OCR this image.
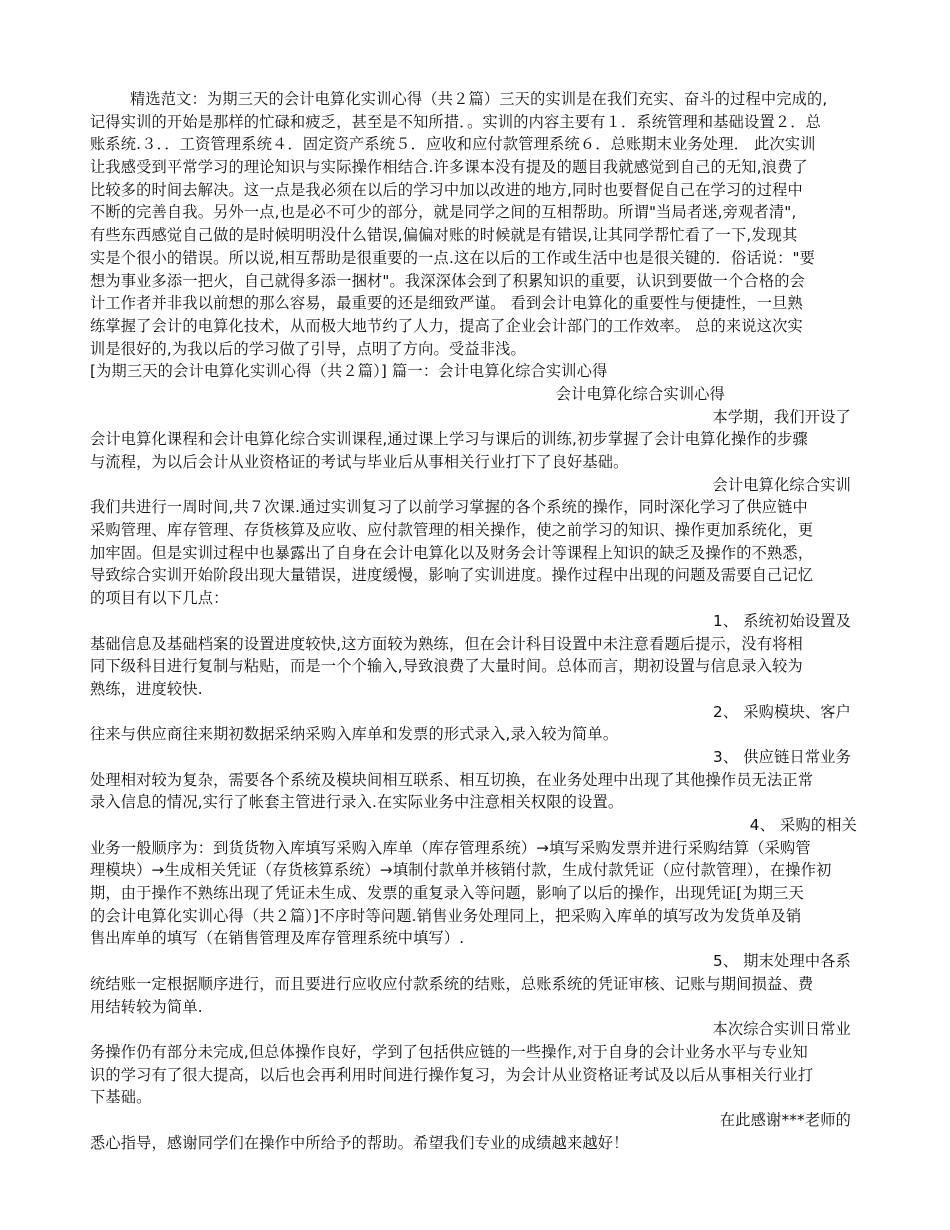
精选范文：为期三天的会计电算化实训心得（共２篇）三天的实训是在我们充实、奋斗的过程中完成的,
记得实训的开始是那样的忙碌和疲乏，甚至是不知所措．。实训的内容主要有１．系统管理和基础设置２．总
账系统.３．．工资管理系统４．固定资产系统５．应收和应付款管理系统６．总账期末业务处理． 此次实训
让我感受到平常学习的理论知识与实际操作相结合.许多课本没有提及的题目我就感觉到自己的无知,浪费了
比较多的时间去解决。这一点是我必须在以后的学习中加以改进的地方,同时也要督促自己在学习的过程中
不断的完善自我。另外一点,也是必不可少的部分，就是同学之间的互相帮助。所谓"当局者迷,旁观者清",
有些东西感觉自己做的是时候明明没什么错误,偏偏对账的时候就是有错误,让其同学帮忙看了一下,发现其
实是个很小的错误。所以说,相互帮助是很重要的一点.这在以后的工作或生活中也是很关键的．俗话说："要
想为事业多添一把火，自己就得多添一捆材"。我深深体会到了积累知识的重要，认识到要做一个合格的会
计工作者并非我以前想的那么容易，最重要的还是细致严谨。 看到会计电算化的重要性与便捷性，一旦熟
练掌握了会计的电算化技术，从而极大地节约了人力，提高了企业会计部门的工作效率。 总的来说这次实
训是很好的,为我以后的学习做了引导，点明了方向。受益非浅。
[为期三天的会计电算化实训心得（共２篇）] 篇一：会计电算化综合实训心得
会计电算化综合实训心得
本学期，我们开设了
会计电算化课程和会计电算化综合实训课程,通过课上学习与课后的训练,初步掌握了会计电算化操作的步骤
与流程，为以后会计从业资格证的考试与毕业后从事相关行业打下了良好基础。
会计电算化综合实训
我们共进行一周时间,共７次课.通过实训复习了以前学习掌握的各个系统的操作，同时深化学习了供应链中
采购管理、库存管理、存货核算及应收、应付款管理的相关操作，使之前学习的知识、操作更加系统化，更
加牢固。但是实训过程中也暴露出了自身在会计电算化以及财务会计等课程上知识的缺乏及操作的不熟悉，
导致综合实训开始阶段出现大量错误，进度缓慢，影响了实训进度。操作过程中出现的问题及需要自己记忆
的项目有以下几点：
1、 系统初始设置及
基础信息及基础档案的设置进度较快,这方面较为熟练，但在会计科目设置中未注意看题后提示，没有将相
同下级科目进行复制与粘贴，而是一个个输入,导致浪费了大量时间。总体而言，期初设置与信息录入较为
熟练，进度较快.
2、 采购模块、客户
往来与供应商往来期初数据采纳采购入库单和发票的形式录入,录入较为简单。
3、 供应链日常业务
处理相对较为复杂，需要各个系统及模块间相互联系、相互切换，在业务处理中出现了其他操作员无法正常
录入信息的情况,实行了帐套主管进行录入.在实际业务中注意相关权限的设置。
4、 采购的相关
业务一般顺序为：到货货物入库填写采购入库单（库存管理系统）→填写采购发票并进行采购结算（采购管
理模块）→生成相关凭证（存货核算系统）→填制付款单并核销付款，生成付款凭证（应付款管理），在操作初
期，由于操作不熟练出现了凭证未生成、发票的重复录入等问题，影响了以后的操作，出现凭证[为期三天
的会计电算化实训心得（共２篇）]不序时等问题.销售业务处理同上，把采购入库单的填写改为发货单及销
售出库单的填写（在销售管理及库存管理系统中填写）.
5、 期末处理中各系
统结账一定根据顺序进行，而且要进行应收应付款系统的结账，总账系统的凭证审核、记账与期间损益、费
用结转较为简单.
本次综合实训日常业
务操作仍有部分未完成,但总体操作良好，学到了包括供应链的一些操作,对于自身的会计业务水平与专业知
识的学习有了很大提高，以后也会再利用时间进行操作复习，为会计从业资格证考试及以后从事相关行业打
下基础。
在此感谢***老师的
悉心指导，感谢同学们在操作中所给予的帮助。希望我们专业的成绩越来越好！
